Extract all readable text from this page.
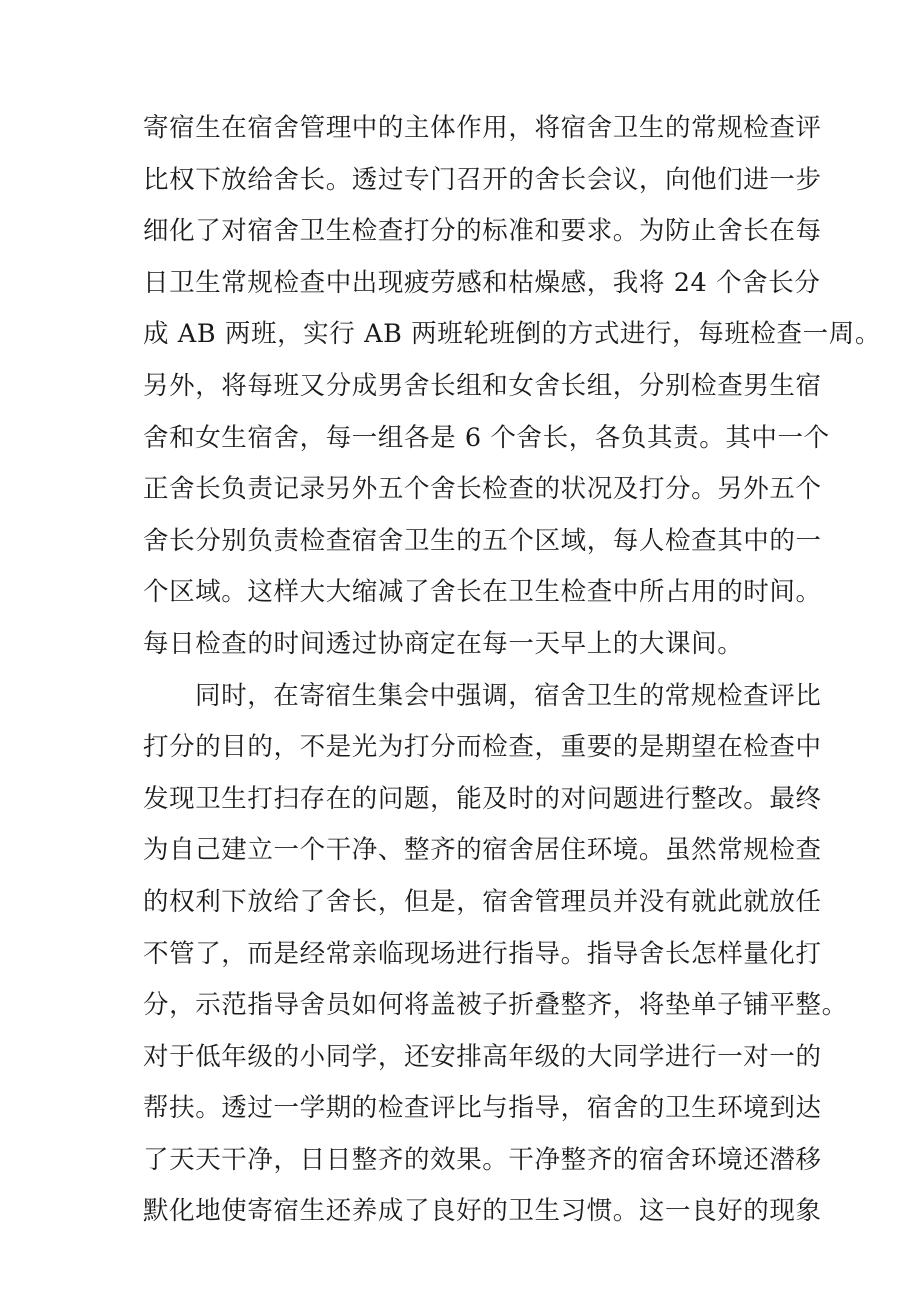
寄宿生在宿舍管理中的主体作用，将宿舍卫生的常规检查评
比权下放给舍长。透过专门召开的舍长会议，向他们进一步
细化了对宿舍卫生检查打分的标准和要求。为防止舍长在每
日卫生常规检查中出现疲劳感和枯燥感，我将 24 个舍长分
成 AB 两班，实行 AB 两班轮班倒的方式进行，每班检查一周。
另外，将每班又分成男舍长组和女舍长组，分别检查男生宿
舍和女生宿舍，每一组各是 6 个舍长，各负其责。其中一个
正舍长负责记录另外五个舍长检查的状况及打分。另外五个
舍长分别负责检查宿舍卫生的五个区域，每人检查其中的一
个区域。这样大大缩减了舍长在卫生检查中所占用的时间。
每日检查的时间透过协商定在每一天早上的大课间。
同时，在寄宿生集会中强调，宿舍卫生的常规检查评比
打分的目的，不是光为打分而检查，重要的是期望在检查中
发现卫生打扫存在的问题，能及时的对问题进行整改。最终
为自己建立一个干净、整齐的宿舍居住环境。虽然常规检查
的权利下放给了舍长，但是，宿舍管理员并没有就此就放任
不管了，而是经常亲临现场进行指导。指导舍长怎样量化打
分，示范指导舍员如何将盖被子折叠整齐，将垫单子铺平整。
对于低年级的小同学，还安排高年级的大同学进行一对一的
帮扶。透过一学期的检查评比与指导，宿舍的卫生环境到达
了天天干净，日日整齐的效果。干净整齐的宿舍环境还潜移
默化地使寄宿生还养成了良好的卫生习惯。这一良好的现象
